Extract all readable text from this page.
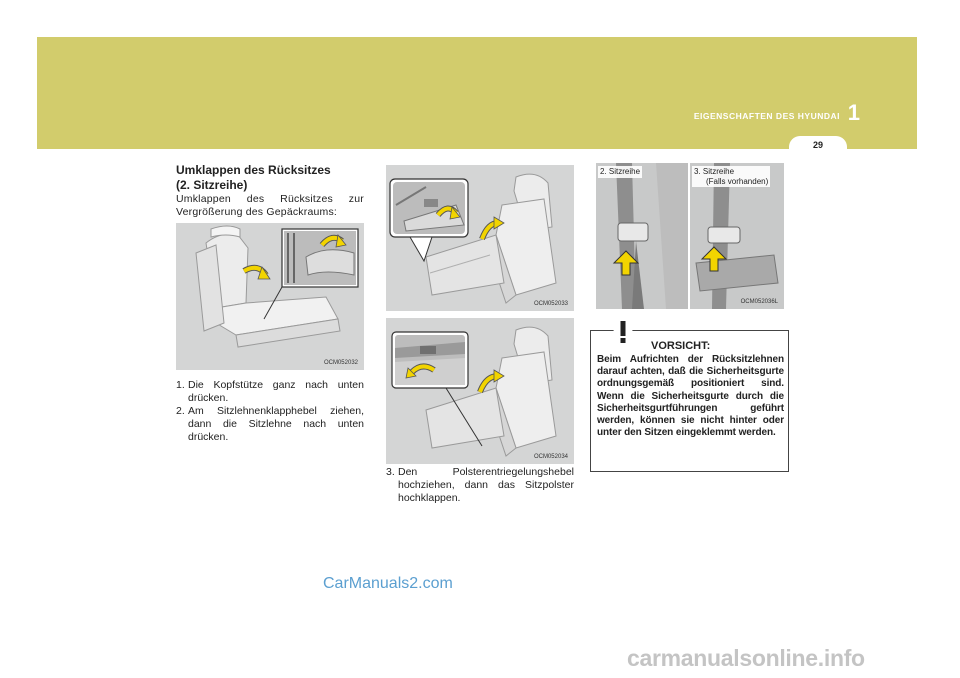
EIGENSCHAFTEN DES HYUNDAI 1
29
Umklappen des Rücksitzes
(2. Sitzreihe)
Umklappen des Rücksitzes zur Vergrößerung des Gepäckraums:
OCM052032
1. Die Kopfstütze ganz nach unten drücken.
2. Am Sitzlehnenklapphebel ziehen, dann die Sitzlehne nach unten drücken.
OCM052033
OCM052034
3. Den Polsterentriegelungshebel hochziehen, dann das Sitzpolster hochklappen.
2. Sitzreihe	3. Sitzreihe
(Falls vorhanden)
OCM052036L
VORSICHT:
Beim Aufrichten der Rücksitzlehnen darauf achten, daß die Sicherheitsgurte ordnungsgemäß positioniert sind. Wenn die Sicherheitsgurte durch die Sicherheitsgurtführungen geführt werden, können sie nicht hinter oder unter den Sitzen eingeklemmt werden.
CarManuals2.com
carmanualsonline.info
